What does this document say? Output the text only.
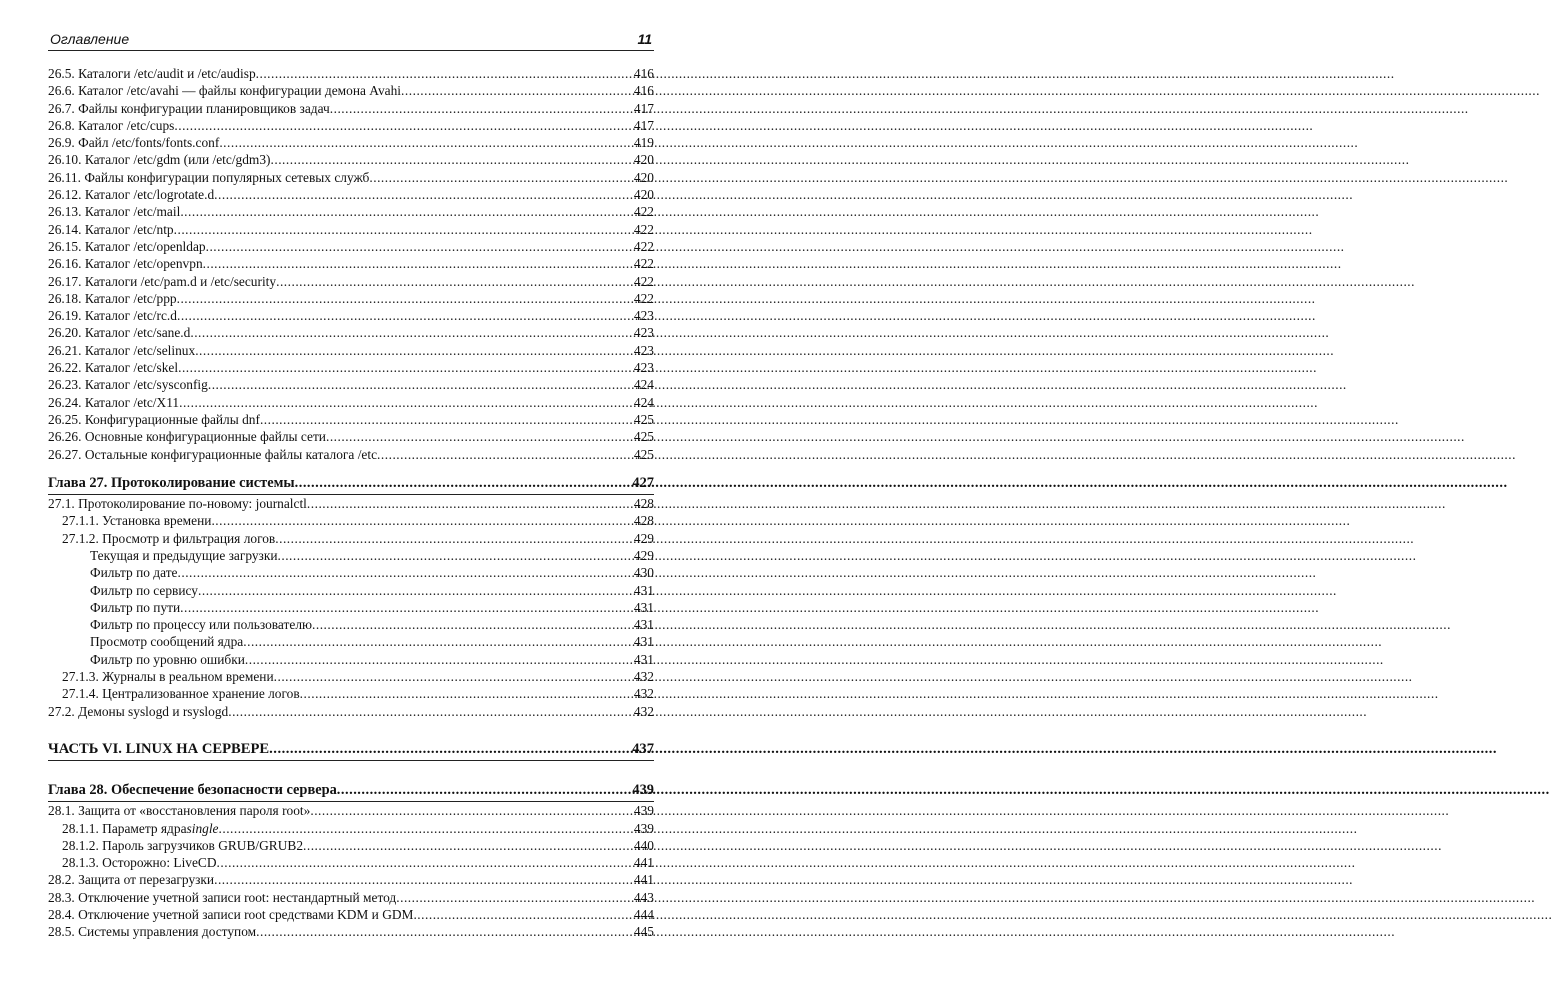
Оглавление	11
26.5. Каталоги /etc/audit и /etc/audisp .....	416
26.6. Каталог /etc/avahi — файлы конфигурации демона Avahi .....	416
26.7. Файлы конфигурации планировщиков задач .....	417
26.8. Каталог /etc/cups .....	417
26.9. Файл /etc/fonts/fonts.conf .....	419
26.10. Каталог /etc/gdm (или /etc/gdm3) .....	420
26.11. Файлы конфигурации популярных сетевых служб .....	420
26.12. Каталог /etc/logrotate.d .....	420
26.13. Каталог /etc/mail .....	422
26.14. Каталог /etc/ntp .....	422
26.15. Каталог /etc/openldap .....	422
26.16. Каталог /etc/openvpn .....	422
26.17. Каталоги /etc/pam.d и /etc/security .....	422
26.18. Каталог /etc/ppp .....	422
26.19. Каталог /etc/rc.d .....	423
26.20. Каталог /etc/sane.d .....	423
26.21. Каталог /etc/selinux .....	423
26.22. Каталог /etc/skel .....	423
26.23. Каталог /etc/sysconfig .....	424
26.24. Каталог /etc/X11 .....	424
26.25. Конфигурационные файлы dnf .....	425
26.26. Основные конфигурационные файлы сети .....	425
26.27. Остальные конфигурационные файлы каталога /etc .....	425
Глава 27. Протоколирование системы .....	427
27.1. Протоколирование по-новому: journalctl .....	428
27.1.1. Установка времени .....	428
27.1.2. Просмотр и фильтрация логов .....	429
Текущая и предыдущие загрузки .....	429
Фильтр по дате .....	430
Фильтр по сервису .....	431
Фильтр по пути .....	431
Фильтр по процессу или пользователю .....	431
Просмотр сообщений ядра .....	431
Фильтр по уровню ошибки .....	431
27.1.3. Журналы в реальном времени .....	432
27.1.4. Централизованное хранение логов .....	432
27.2. Демоны syslogd и rsyslogd .....	432
ЧАСТЬ VI. LINUX НА СЕРВЕРЕ .....	437
Глава 28. Обеспечение безопасности сервера .....	439
28.1. Защита от «восстановления пароля root» .....	439
28.1.1. Параметр ядра single .....	439
28.1.2. Пароль загрузчиков GRUB/GRUB2 .....	440
28.1.3. Осторожно: LiveCD .....	441
28.2. Защита от перезагрузки .....	441
28.3. Отключение учетной записи root: нестандартный метод .....	443
28.4. Отключение учетной записи root средствами KDM и GDM .....	444
28.5. Системы управления доступом .....	445
